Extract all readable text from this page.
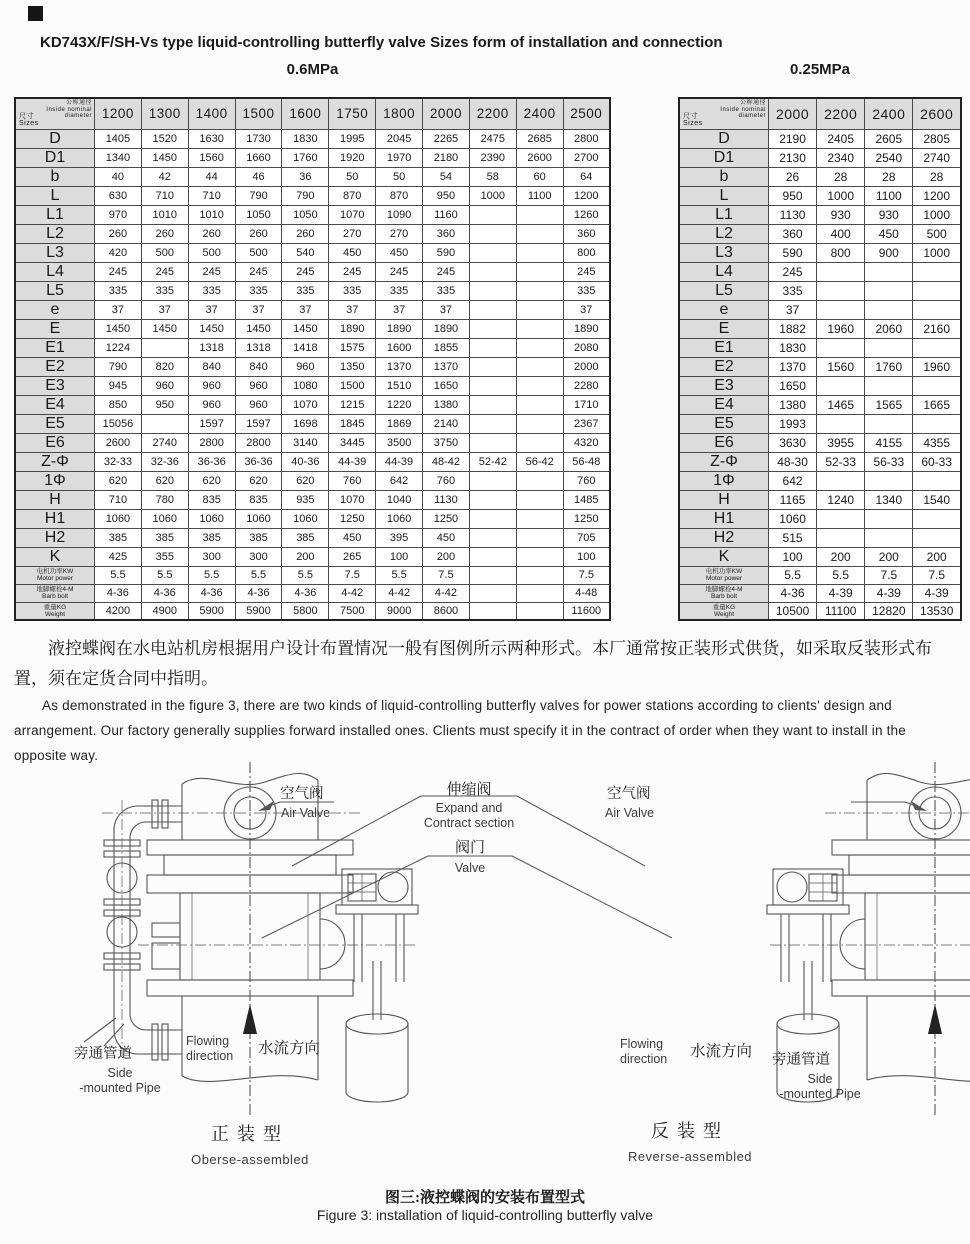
KD743X/F/SH-Vs type liquid-controlling butterfly valve Sizes form of installation and connection
0.6MPa	0.25MPa
公称通径
Inside nominal
diameter
尺寸
Sizes	1200	1300	1400	1500	1600	1750	1800	2000	2200	2400	2500
D	1405	1520	1630	1730	1830	1995	2045	2265	2475	2685	2800
D1	1340	1450	1560	1660	1760	1920	1970	2180	2390	2600	2700
b	40	42	44	46	36	50	50	54	58	60	64
L	630	710	710	790	790	870	870	950	1000	1100	1200
L1	970	1010	1010	1050	1050	1070	1090	1160			1260
L2	260	260	260	260	260	270	270	360			360
L3	420	500	500	500	540	450	450	590			800
L4	245	245	245	245	245	245	245	245			245
L5	335	335	335	335	335	335	335	335			335
e	37	37	37	37	37	37	37	37			37
E	1450	1450	1450	1450	1450	1890	1890	1890			1890
E1	1224		1318	1318	1418	1575	1600	1855			2080
E2	790	820	840	840	960	1350	1370	1370			2000
E3	945	960	960	960	1080	1500	1510	1650			2280
E4	850	950	960	960	1070	1215	1220	1380			1710
E5	15056		1597	1597	1698	1845	1869	2140			2367
E6	2600	2740	2800	2800	3140	3445	3500	3750			4320
Z-Φ	32-33	32-36	36-36	36-36	40-36	44-39	44-39	48-42	52-42	56-42	56-48
1Φ	620	620	620	620	620	760	642	760			760
H	710	780	835	835	935	1070	1040	1130			1485
H1	1060	1060	1060	1060	1060	1250	1060	1250			1250
H2	385	385	385	385	385	450	395	450			705
K	425	355	300	300	200	265	100	200			100

电机功率KW
Motor power	5.5	5.5	5.5	5.5	5.5	7.5	5.5	7.5			7.5

地脚螺栓4-M
Barb bolt	4-36	4-36	4-36	4-36	4-36	4-42	4-42	4-42			4-48

重量KG
Weight	4200	4900	5900	5900	5800	7500	9000	8600			11600
公称通径
Inside nominal
diameter
尺寸
Sizes	2000	2200	2400	2600
D	2190	2405	2605	2805
D1	2130	2340	2540	2740
b	26	28	28	28
L	950	1000	1100	1200
L1	1130	930	930	1000
L2	360	400	450	500
L3	590	800	900	1000
L4	245			
L5	335			
e	37			
E	1882	1960	2060	2160
E1	1830			
E2	1370	1560	1760	1960
E3	1650			
E4	1380	1465	1565	1665
E5	1993			
E6	3630	3955	4155	4355
Z-Φ	48-30	52-33	56-33	60-33
1Φ	642			
H	1165	1240	1340	1540
H1	1060			
H2	515			
K	100	200	200	200

电机功率KW
Motor power	5.5	5.5	7.5	7.5

地脚螺栓4-M
Barb bolt	4-36	4-39	4-39	4-39

重量KG
Weight	10500	11100	12820	13530

液控蝶阀在水电站机房根据用户设计布置情况一般有图例所示两种形式。本厂通常按正装形式供货，如采取反装形式布置，须在定货合同中指明。

As demonstrated in the figure 3, there are two kinds of liquid-controlling butterfly valves for power stations according to clients' design and arrangement. Our factory generally supplies forward installed ones. Clients must specify it in the contract of order when they want to install in the opposite way.

空气阀
Air Valve
空气阀
Air Valve
伸缩阀
Expand and
Contract section
阀门
Valve
Flowing
direction 水流方向	Flowing
direction 水流方向
旁通管道
Side
-mounted Pipe
旁通管道
Side
-mounted Pipe
正装型
Oberse-assembled
反装型
Reverse-assembled
图三:液控蝶阀的安装布置型式
Figure 3: installation of liquid-controlling butterfly valve
